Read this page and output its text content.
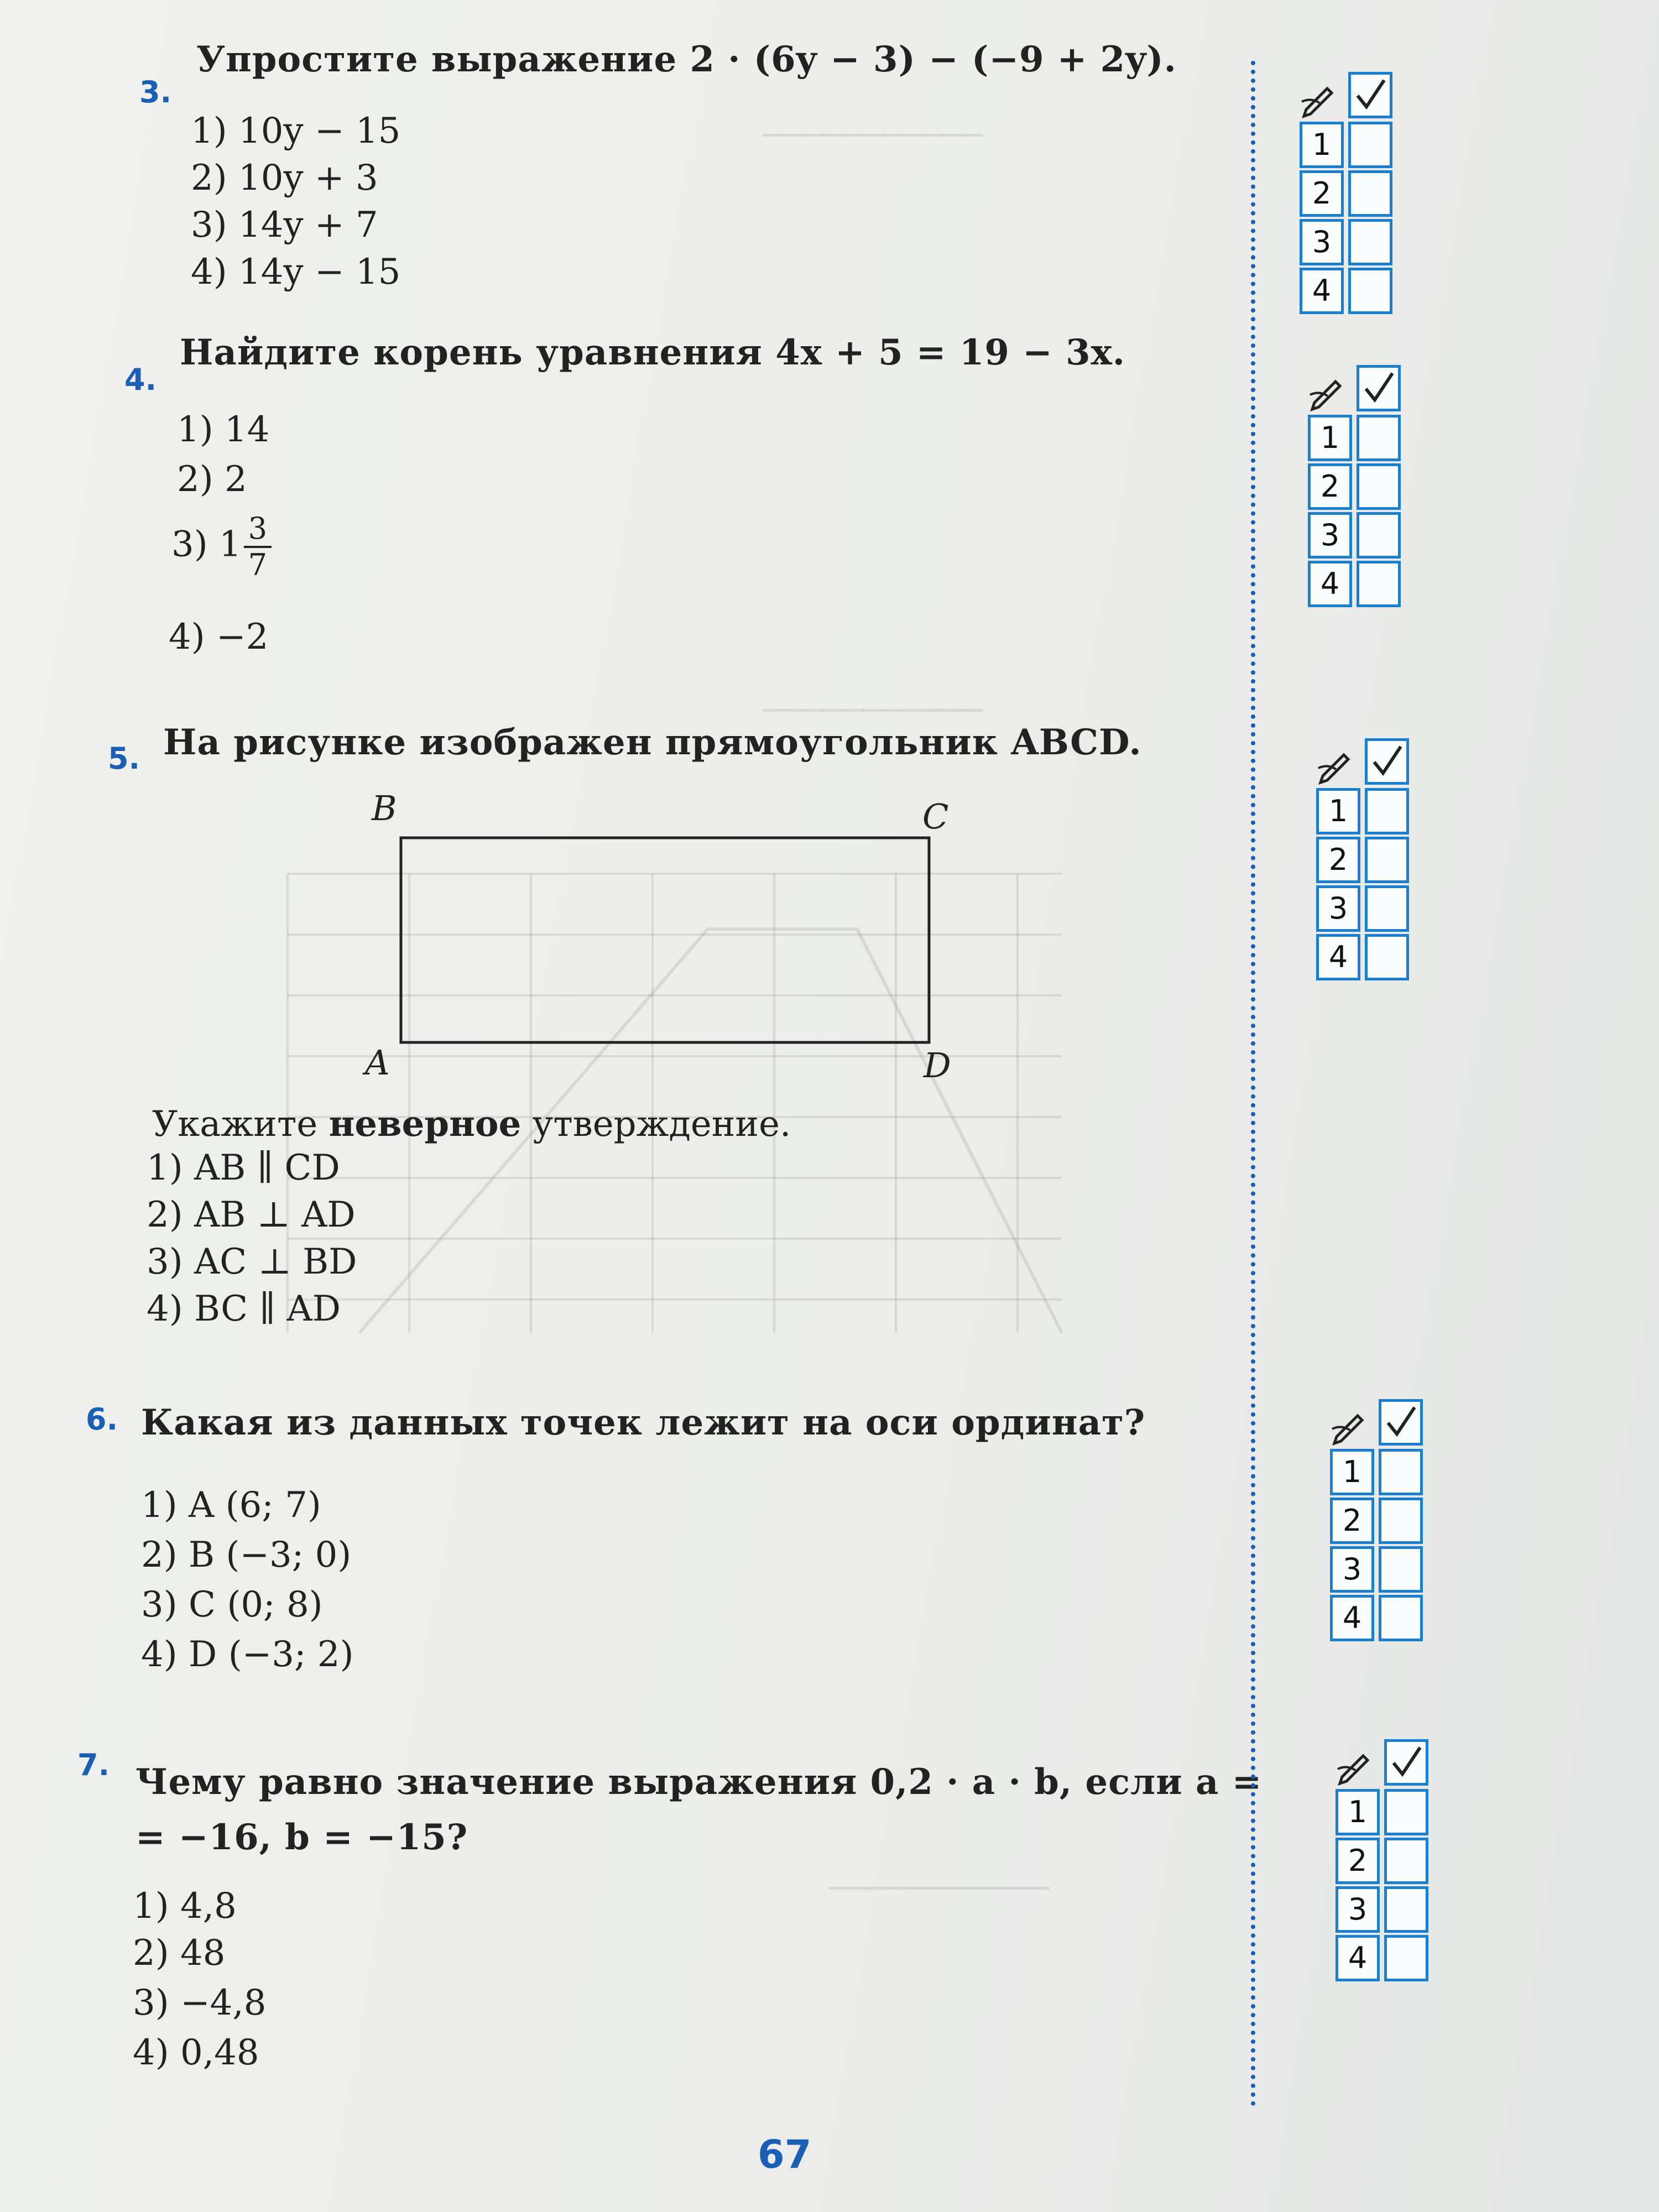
───────────
───────────
───────────
3.
Упростите выражение 2 · (6y − 3) − (−9 + 2y).
1) 10y − 15
2) 10y + 3
3) 14y + 7
4) 14y − 15
4.
Найдите корень уравнения 4x + 5 = 19 − 3x.
1) 14
2) 2
3) $1 \frac{3}{7}$
4) −2
5. На рисунке изображен прямоугольник ABCD.
B	C
A	D
Укажите неверное утверждение.
1) AB ∥ CD
2) AB ⊥ AD
3) AC ⊥ BD
4) BC ∥ AD
6. Какая из данных точек лежит на оси ординат?
1) A (6; 7)
2) B (−3; 0)
3) C (0; 8)
4) D (−3; 2)
7. Чему равно значение выражения 0,2 · a · b, если a =
= −16, b = −15?
1) 4,8
2) 48
3) −4,8
4) 0,48
1
2
3
4
1
2
3
4
1
2
3
4
1
2
3
4
1
2
3
4
67
